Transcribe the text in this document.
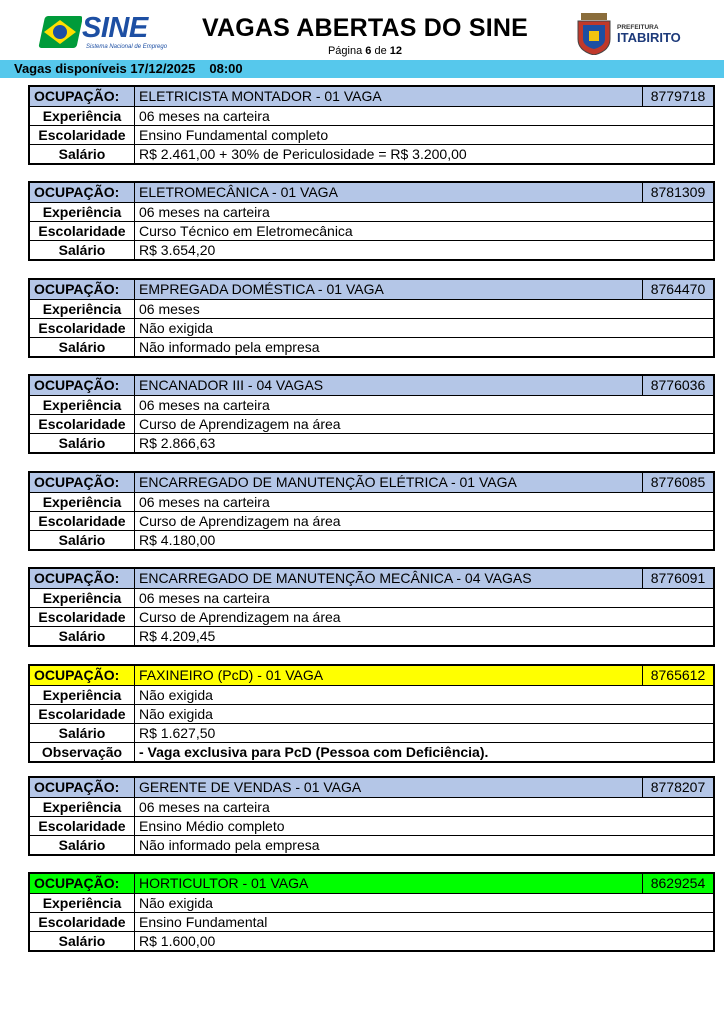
SINE
Sistema Nacional de Emprego
VAGAS ABERTAS DO SINE
Página 6 de 12
PREFEITURA
ITABIRITO
Vagas disponíveis 17/12/2025 08:00
OCUPAÇÃO:	ELETRICISTA MONTADOR - 01 VAGA	8779718
Experiência	06 meses na carteira
Escolaridade Ensino Fundamental completo
Salário	R$ 2.461,00 + 30% de Periculosidade = R$ 3.200,00
OCUPAÇÃO:	ELETROMECÂNICA - 01 VAGA	8781309
Experiência	06 meses na carteira
Escolaridade Curso Técnico em Eletromecânica
Salário	R$ 3.654,20
OCUPAÇÃO:	EMPREGADA DOMÉSTICA - 01 VAGA	8764470
Experiência	06 meses
Escolaridade Não exigida
Salário	Não informado pela empresa
OCUPAÇÃO:	ENCANADOR III - 04 VAGAS	8776036
Experiência	06 meses na carteira
Escolaridade Curso de Aprendizagem na área
Salário	R$ 2.866,63
OCUPAÇÃO:	ENCARREGADO DE MANUTENÇÃO ELÉTRICA - 01 VAGA	8776085
Experiência	06 meses na carteira
Escolaridade Curso de Aprendizagem na área
Salário	R$ 4.180,00
OCUPAÇÃO:	ENCARREGADO DE MANUTENÇÃO MECÂNICA - 04 VAGAS	8776091
Experiência	06 meses na carteira
Escolaridade Curso de Aprendizagem na área
Salário	R$ 4.209,45
OCUPAÇÃO:	FAXINEIRO (PcD) - 01 VAGA	8765612
Experiência	Não exigida
Escolaridade Não exigida
Salário	R$ 1.627,50
Observação	- Vaga exclusiva para PcD (Pessoa com Deficiência).
OCUPAÇÃO:	GERENTE DE VENDAS - 01 VAGA	8778207
Experiência	06 meses na carteira
Escolaridade Ensino Médio completo
Salário	Não informado pela empresa
OCUPAÇÃO:	HORTICULTOR - 01 VAGA	8629254
Experiência	Não exigida
Escolaridade Ensino Fundamental
Salário	R$ 1.600,00
